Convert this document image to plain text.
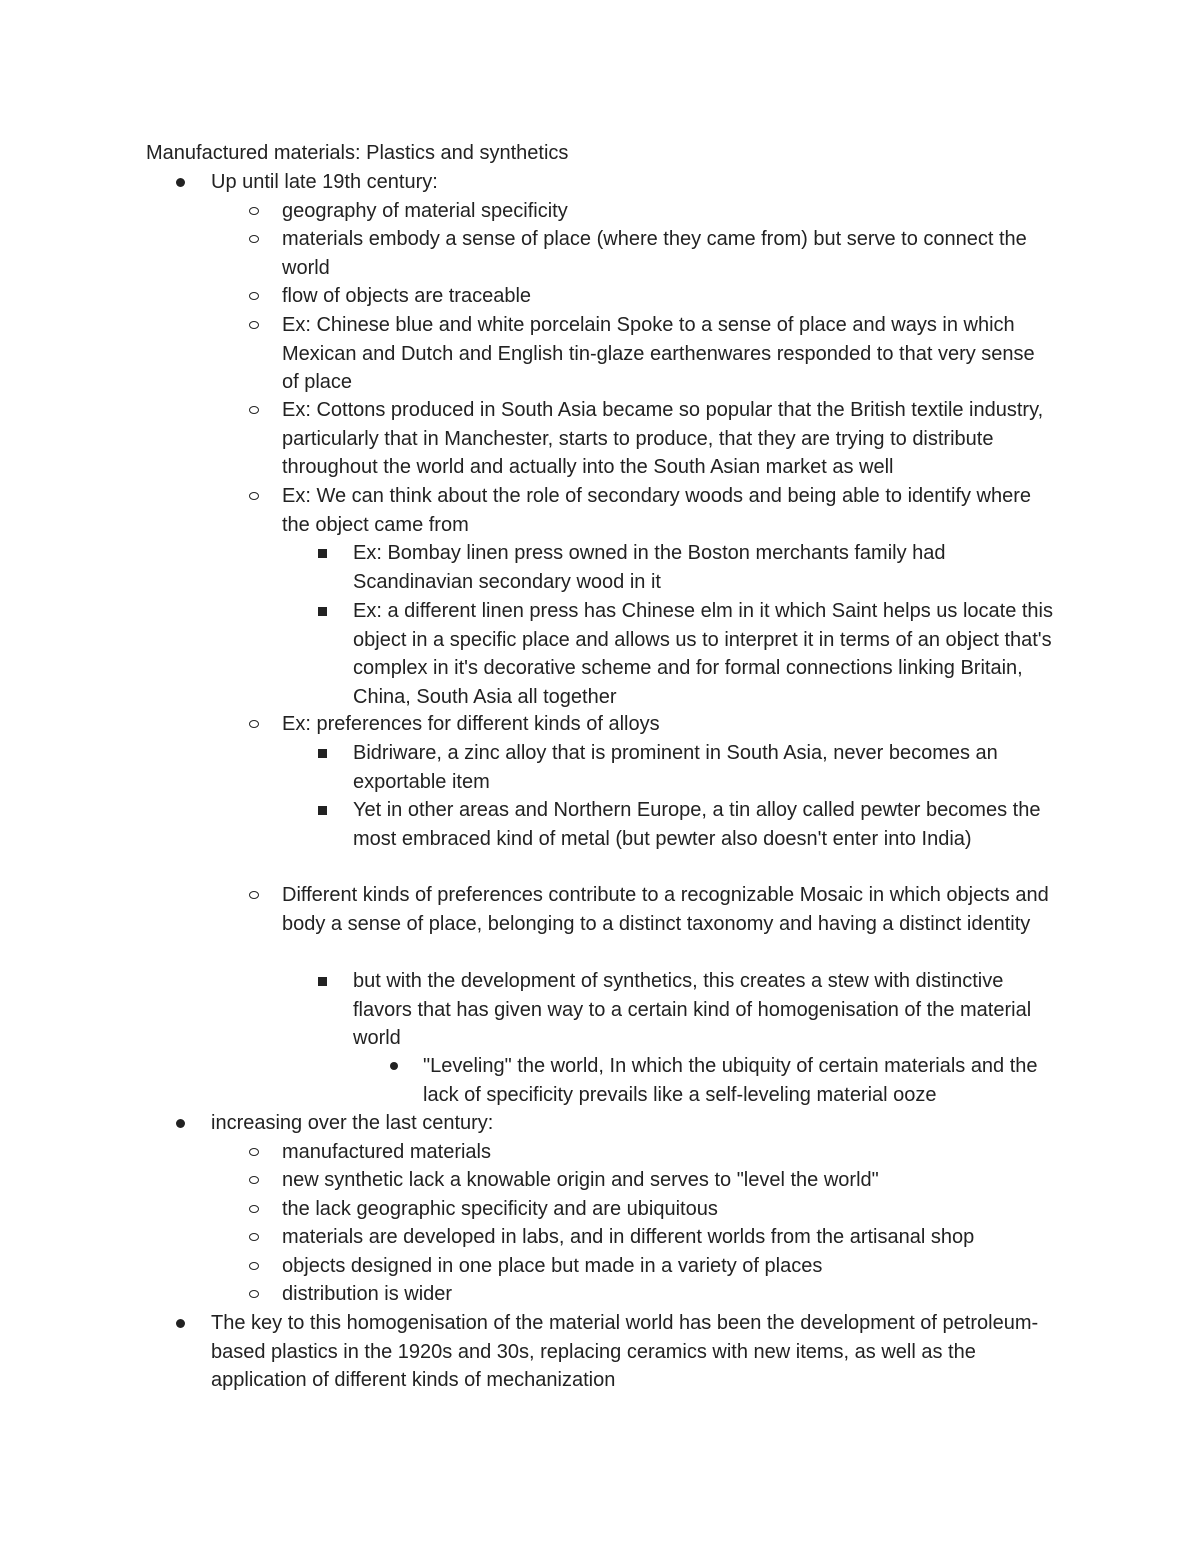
Manufactured materials: Plastics and synthetics
Up until late 19th century:
geography of material specificity
materials embody a sense of place (where they came from) but serve to connect the world
flow of objects are traceable
Ex: Chinese blue and white porcelain Spoke to a sense of place and ways in which Mexican and Dutch and English tin-glaze earthenwares responded to that very sense of place
Ex: Cottons produced in South Asia became so popular that the British textile industry, particularly that in Manchester, starts to produce, that they are trying to distribute throughout the world and actually into the South Asian market as well
Ex: We can think about the role of secondary woods and being able to identify where the object came from
Ex: Bombay linen press owned in the Boston merchants family had Scandinavian secondary wood in it
Ex: a different linen press has Chinese elm in it which Saint helps us locate this object in a specific place and allows us to interpret it in terms of an object that's complex in it's decorative scheme and for formal connections linking Britain, China, South Asia all together
Ex: preferences for different kinds of alloys
Bidriware, a zinc alloy that is prominent in South Asia, never becomes an exportable item
Yet in other areas and Northern Europe, a tin alloy called pewter becomes the most embraced kind of metal (but pewter also doesn't enter into India)
Different kinds of preferences contribute to a recognizable Mosaic in which objects and body a sense of place, belonging to a distinct taxonomy and having a distinct identity
but with the development of synthetics, this creates a stew with distinctive flavors that has given way to a certain kind of homogenisation of the material world
"Leveling" the world, In which the ubiquity of certain materials and the lack of specificity prevails like a self-leveling material ooze
increasing over the last century:
manufactured materials
new synthetic lack a knowable origin and serves to "level the world"
the lack geographic specificity and are ubiquitous
materials are developed in labs, and in different worlds from the artisanal shop
objects designed in one place but made in a variety of places
distribution is wider
The key to this homogenisation of the material world has been the development of petroleum-based plastics in the 1920s and 30s, replacing ceramics with new items, as well as the application of different kinds of mechanization
